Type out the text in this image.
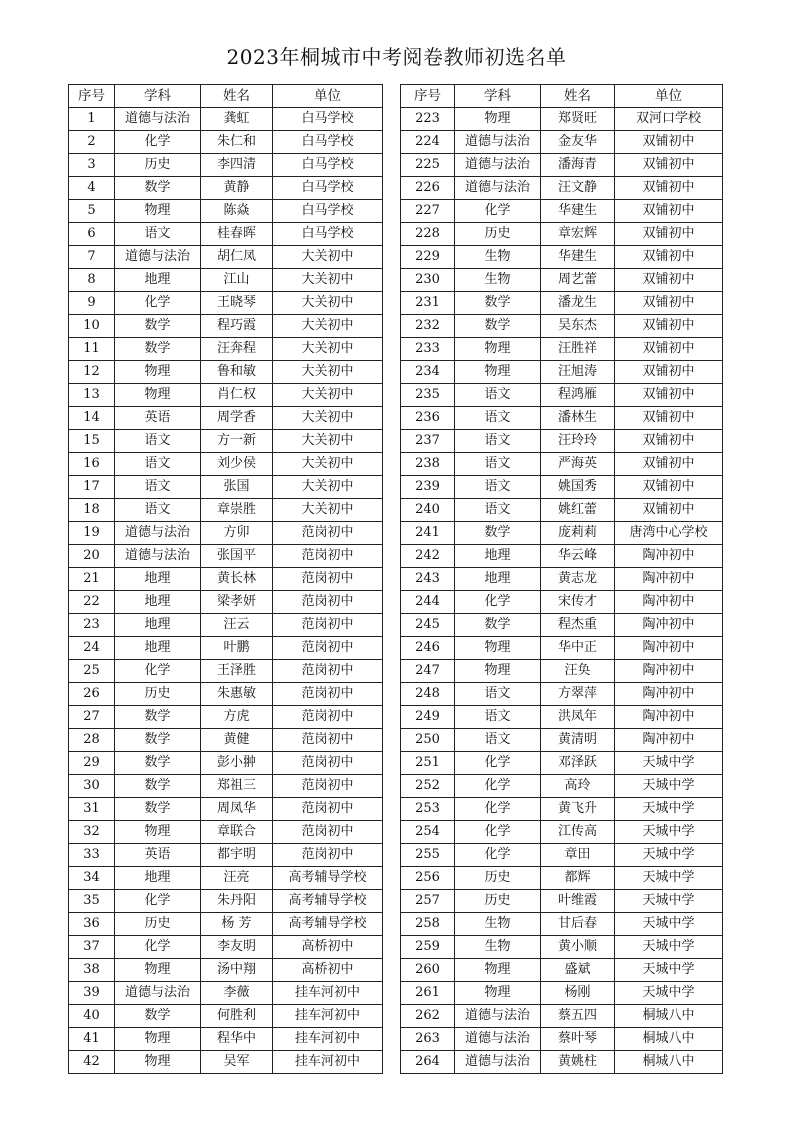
2023年桐城市中考阅卷教师初选名单
序号	学科	姓名	单位
1	道德与法治	龚虹	白马学校
2	化学	朱仁和	白马学校
3	历史	李四清	白马学校
4	数学	黄静	白马学校
5	物理	陈焱	白马学校
6	语文	桂春晖	白马学校
7	道德与法治	胡仁凤	大关初中
8	地理	江山	大关初中
9	化学	王晓琴	大关初中
10	数学	程巧霞	大关初中
11	数学	汪奔程	大关初中
12	物理	鲁和敏	大关初中
13	物理	肖仁权	大关初中
14	英语	周学香	大关初中
15	语文	方一新	大关初中
16	语文	刘少侯	大关初中
17	语文	张国	大关初中
18	语文	章崇胜	大关初中
19	道德与法治	方卯	范岗初中
20	道德与法治	张国平	范岗初中
21	地理	黄长林	范岗初中
22	地理	梁孝妍	范岗初中
23	地理	汪云	范岗初中
24	地理	叶鹏	范岗初中
25	化学	王泽胜	范岗初中
26	历史	朱惠敏	范岗初中
27	数学	方虎	范岗初中
28	数学	黄健	范岗初中
29	数学	彭小翀	范岗初中
30	数学	郑祖三	范岗初中
31	数学	周凤华	范岗初中
32	物理	章联合	范岗初中
33	英语	都宇明	范岗初中
34	地理	汪亮	高考辅导学校
35	化学	朱丹阳	高考辅导学校
36	历史	杨 芳	高考辅导学校
37	化学	李友明	高桥初中
38	物理	汤中翔	高桥初中
39	道德与法治	李薇	挂车河初中
40	数学	何胜利	挂车河初中
41	物理	程华中	挂车河初中
42	物理	吴军	挂车河初中
序号	学科	姓名	单位
223	物理	郑贤旺	双河口学校
224	道德与法治	金友华	双铺初中
225	道德与法治	潘海青	双铺初中
226	道德与法治	汪文静	双铺初中
227	化学	华建生	双铺初中
228	历史	章宏辉	双铺初中
229	生物	华建生	双铺初中
230	生物	周艺蕾	双铺初中
231	数学	潘龙生	双铺初中
232	数学	吴东杰	双铺初中
233	物理	汪胜祥	双铺初中
234	物理	汪旭涛	双铺初中
235	语文	程鸿雁	双铺初中
236	语文	潘林生	双铺初中
237	语文	汪玲玲	双铺初中
238	语文	严海英	双铺初中
239	语文	姚国秀	双铺初中
240	语文	姚红蕾	双铺初中
241	数学	庞莉莉	唐湾中心学校
242	地理	华云峰	陶冲初中
243	地理	黄志龙	陶冲初中
244	化学	宋传才	陶冲初中
245	数学	程杰重	陶冲初中
246	物理	华中正	陶冲初中
247	物理	汪奂	陶冲初中
248	语文	方翠萍	陶冲初中
249	语文	洪凤年	陶冲初中
250	语文	黄清明	陶冲初中
251	化学	邓泽跃	天城中学
252	化学	高玲	天城中学
253	化学	黄飞升	天城中学
254	化学	江传高	天城中学
255	化学	章田	天城中学
256	历史	都辉	天城中学
257	历史	叶维霞	天城中学
258	生物	甘后春	天城中学
259	生物	黄小顺	天城中学
260	物理	盛斌	天城中学
261	物理	杨刚	天城中学
262	道德与法治	蔡五四	桐城八中
263	道德与法治	蔡叶琴	桐城八中
264	道德与法治	黄姚柱	桐城八中
